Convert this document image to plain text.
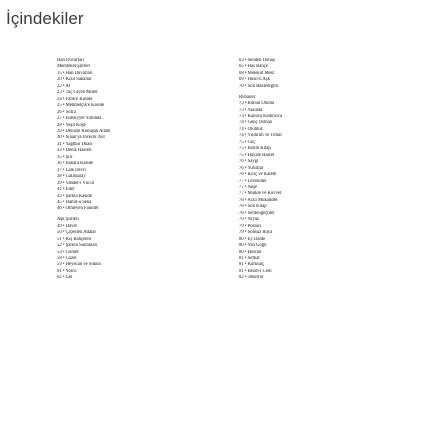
İçindekiler
Han Duvarları
Memleket Şiirleri
15 • Han Duvarları
20 • Kızıl Sakallar
22 • At
23 • Taç Giyen Millet
24 • Fatih'e Kaside
25 • Mehmetçik'e Kaside
26 • Sofra
27 • Ebediyyet Yolunda
28 • Yeşil Köşe
29 • Denizle Konuşan Adam
30 • Sinan'ya İncecik Nur
31 • Yağmur Duası
33 • Deniz Hasreti
35 • Şiir
36 • Bahara Kaside
37 • Lale Devri
38 • Galatsaray
39 • Vahdet-i Vücut
41 • Eller
43 • Şarkta Kaside
45 • Hamd-ü Sena
46 • Ölmeyen Fanilier
Aşk Şiirleri
49 • Davet
50 • Çiçekten Adalar
51 • Kış Bahçeleri
52 • Şarkın Sultanları
53 • Gurbet
58 • Gazel
59 • Heyecan ve Sükûn
61 • Yolcu
62 • Gel
63 • Senden Dönüş
65 • Has Bahçe
68 • Melekût Mest
69 • Hüsn-ü Aşk
70 • Son Beklediğim
Rubailer
73 • Ruhun Ölümü
73 • Yasında
73 • Kanuca Kadınsıca
74 • Genç Osman
74 • Ölümüz
74 • Yıldırım ve Timur
75 • Göç
75 • Bizim Kitap
75 • Hayale Hasret
76 • Saygı
76 • Yusuflar
76 • Kılıç ve Kalem
77 • Levendler
77 • Neşe
77 • Madde ve Kuvvet
78 • Arzu Mukaddes
78 • Son Kitap
78 • Serdengeçtiler
79 • Niyaz
79 • Postacı
79 • Sonsuz Rüya
80 • Ey Dante
80 • Van Gogh
80 • Hüsran
81 • Sefkat
81 • Korkunç
81 • Bezm-i Cem
82 • Tekerrür
